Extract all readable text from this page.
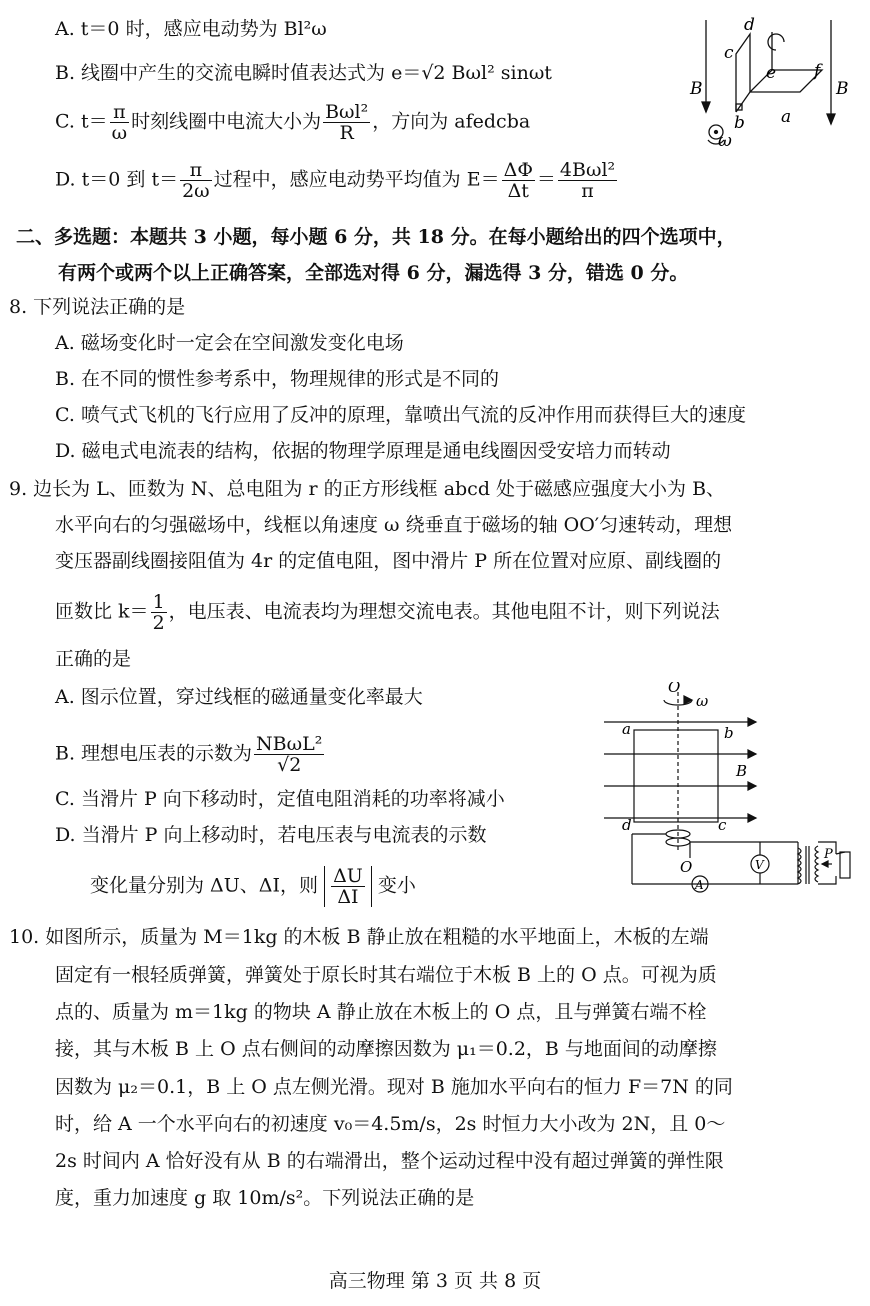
A. t＝0 时，感应电动势为 Bl²ω
B. 线圈中产生的交流电瞬时值表达式为 e＝√2 Bωl² sinωt
C. $t= \frac{\pi}{\omega}$ 时刻线圈中电流大小为 $\frac{\text{Bωl²}}{R}$ ，方向为 afedcba
D. t＝0 到 $t= \frac{\pi}{2\omega}$ 过程中，感应电动势平均值为 $E= \frac{\Delta\Phi}{\Delta t} = \frac{\text{4Bωl²}}{\pi}$
d
c
e f
B	B
b a
ω
二、多选题：本题共 3 小题，每小题 6 分，共 18 分。在每小题给出的四个选项中，
有两个或两个以上正确答案，全部选对得 6 分，漏选得 3 分，错选 0 分。
8. 下列说法正确的是
A. 磁场变化时一定会在空间激发变化电场
B. 在不同的惯性参考系中，物理规律的形式是不同的
C. 喷气式飞机的飞行应用了反冲的原理，靠喷出气流的反冲作用而获得巨大的速度
D. 磁电式电流表的结构，依据的物理学原理是通电线圈因受安培力而转动
9. 边长为 L、匝数为 N、总电阻为 r 的正方形线框 abcd 处于磁感应强度大小为 B、
水平向右的匀强磁场中，线框以角速度 ω 绕垂直于磁场的轴 OO′匀速转动，理想
变压器副线圈接阻值为 4r 的定值电阻，图中滑片 P 所在位置对应原、副线圈的
匝数比 $k= \frac{1}{2}$ ，电压表、电流表均为理想交流电表。其他电阻不计，则下列说法
正确的是
A. 图示位置，穿过线框的磁通量变化率最大
B. 理想电压表的示数为 $\frac{\text{NBωL²}}{√2}$
C. 当滑片 P 向下移动时，定值电阻消耗的功率将减小
D. 当滑片 P 向上移动时，若电压表与电流表的示数
变化量分别为 ΔU、ΔI，则 $\frac{\Delta U}{\Delta I}$ 变小
O
ω
a	b
B
d	c
O	V
A
P
10. 如图所示，质量为 M＝1kg 的木板 B 静止放在粗糙的水平地面上，木板的左端
固定有一根轻质弹簧，弹簧处于原长时其右端位于木板 B 上的 O 点。可视为质
点的、质量为 m＝1kg 的物块 A 静止放在木板上的 O 点，且与弹簧右端不栓
接，其与木板 B 上 O 点右侧间的动摩擦因数为 μ₁＝0.2，B 与地面间的动摩擦
因数为 μ₂＝0.1，B 上 O 点左侧光滑。现对 B 施加水平向右的恒力 F＝7N 的同
时，给 A 一个水平向右的初速度 v₀＝4.5m/s，2s 时恒力大小改为 2N，且 0～
2s 时间内 A 恰好没有从 B 的右端滑出，整个运动过程中没有超过弹簧的弹性限
度，重力加速度 g 取 10m/s²。下列说法正确的是
高三物理 第 3 页 共 8 页
